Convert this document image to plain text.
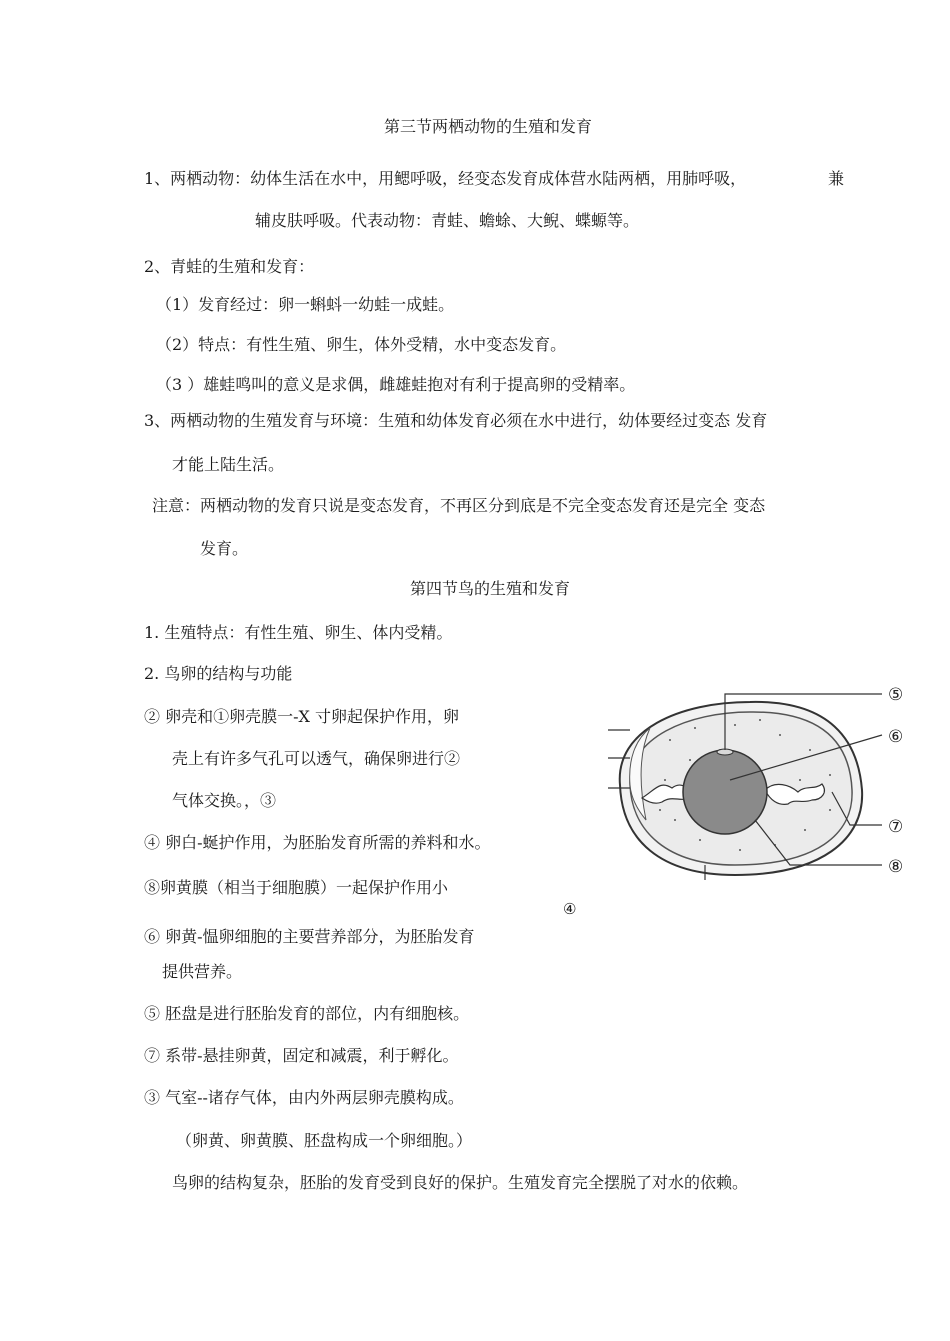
第三节两栖动物的生殖和发育
1、两栖动物：幼体生活在水中，用鳃呼吸，经变态发育成体营水陆两栖，用肺呼吸，	兼
辅皮肤呼吸。代表动物：青蛙、蟾蜍、大鲵、蝶螈等。
2、青蛙的生殖和发育：
（1）发育经过：卵一蝌蚪一幼蛙一成蛙。
（2）特点：有性生殖、卵生，体外受精，水中变态发育。
（3 ）雄蛙鸣叫的意义是求偶，雌雄蛙抱对有利于提高卵的受精率。
3、两栖动物的生殖发育与环境：生殖和幼体发育必须在水中进行，幼体要经过变态 发育
才能上陆生活。
注意：两栖动物的发育只说是变态发育，不再区分到底是不完全变态发育还是完全 变态
发育。
第四节鸟的生殖和发育
1. 生殖特点：有性生殖、卵生、体内受精。
2. 鸟卵的结构与功能
② 卵壳和①卵壳膜一-X 寸卵起保护作用，卵
壳上有许多气孔可以透气，确保卵进行②
气体交换。，③
④ 卵白-蜒护作用，为胚胎发育所需的养料和水。
⑧卵黄膜（相当于细胞膜）一起保护作用小
④
⑥ 卵黄-愠卵细胞的主要营养部分，为胚胎发育
提供营养。
⑤ 胚盘是进行胚胎发育的部位，内有细胞核。
⑦ 系带-悬挂卵黄，固定和减震，利于孵化。
③ 气室--诸存气体，由内外两层卵壳膜构成。
（卵黄、卵黄膜、胚盘构成一个卵细胞。）
鸟卵的结构复杂，胚胎的发育受到良好的保护。生殖发育完全摆脱了对水的依赖。
⑤
⑥
⑦
⑧
